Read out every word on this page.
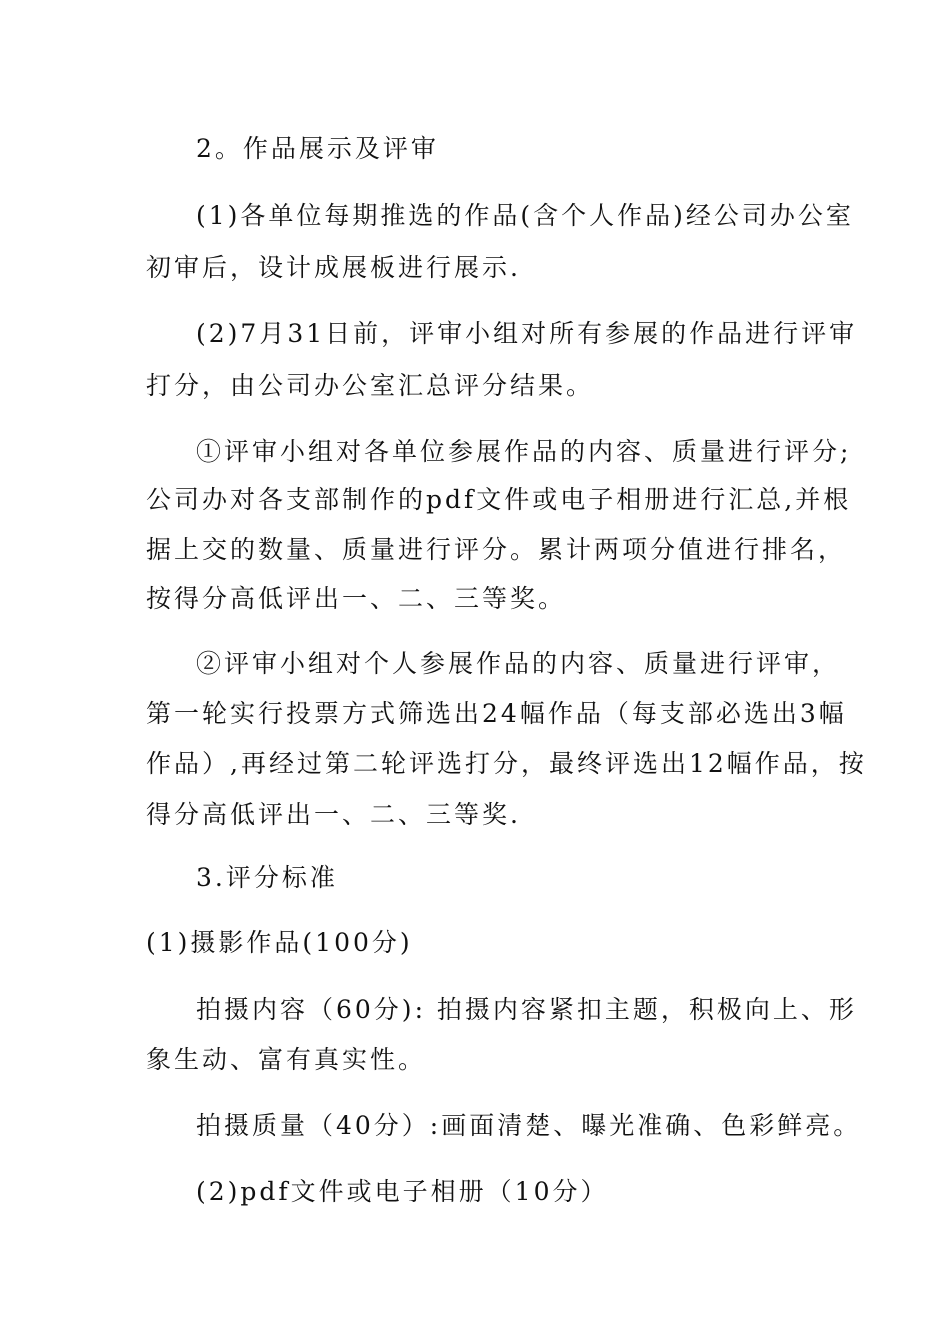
2。作品展示及评审
(1)各单位每期推选的作品(含个人作品)经公司办公室
初审后，设计成展板进行展示.
(2)7月31日前，评审小组对所有参展的作品进行评审
打分，由公司办公室汇总评分结果。
①评审小组对各单位参展作品的内容、质量进行评分;
公司办对各支部制作的pdf文件或电子相册进行汇总,并根
据上交的数量、质量进行评分。累计两项分值进行排名，
按得分高低评出一、二、三等奖。
②评审小组对个人参展作品的内容、质量进行评审，
第一轮实行投票方式筛选出24幅作品（每支部必选出3幅
作品）,再经过第二轮评选打分，最终评选出12幅作品，按
得分高低评出一、二、三等奖.
3.评分标准
(1)摄影作品(100分)
拍摄内容（60分): 拍摄内容紧扣主题，积极向上、形
象生动、富有真实性。
拍摄质量（40分）:画面清楚、曝光准确、色彩鲜亮。
(2)pdf文件或电子相册（10分）
